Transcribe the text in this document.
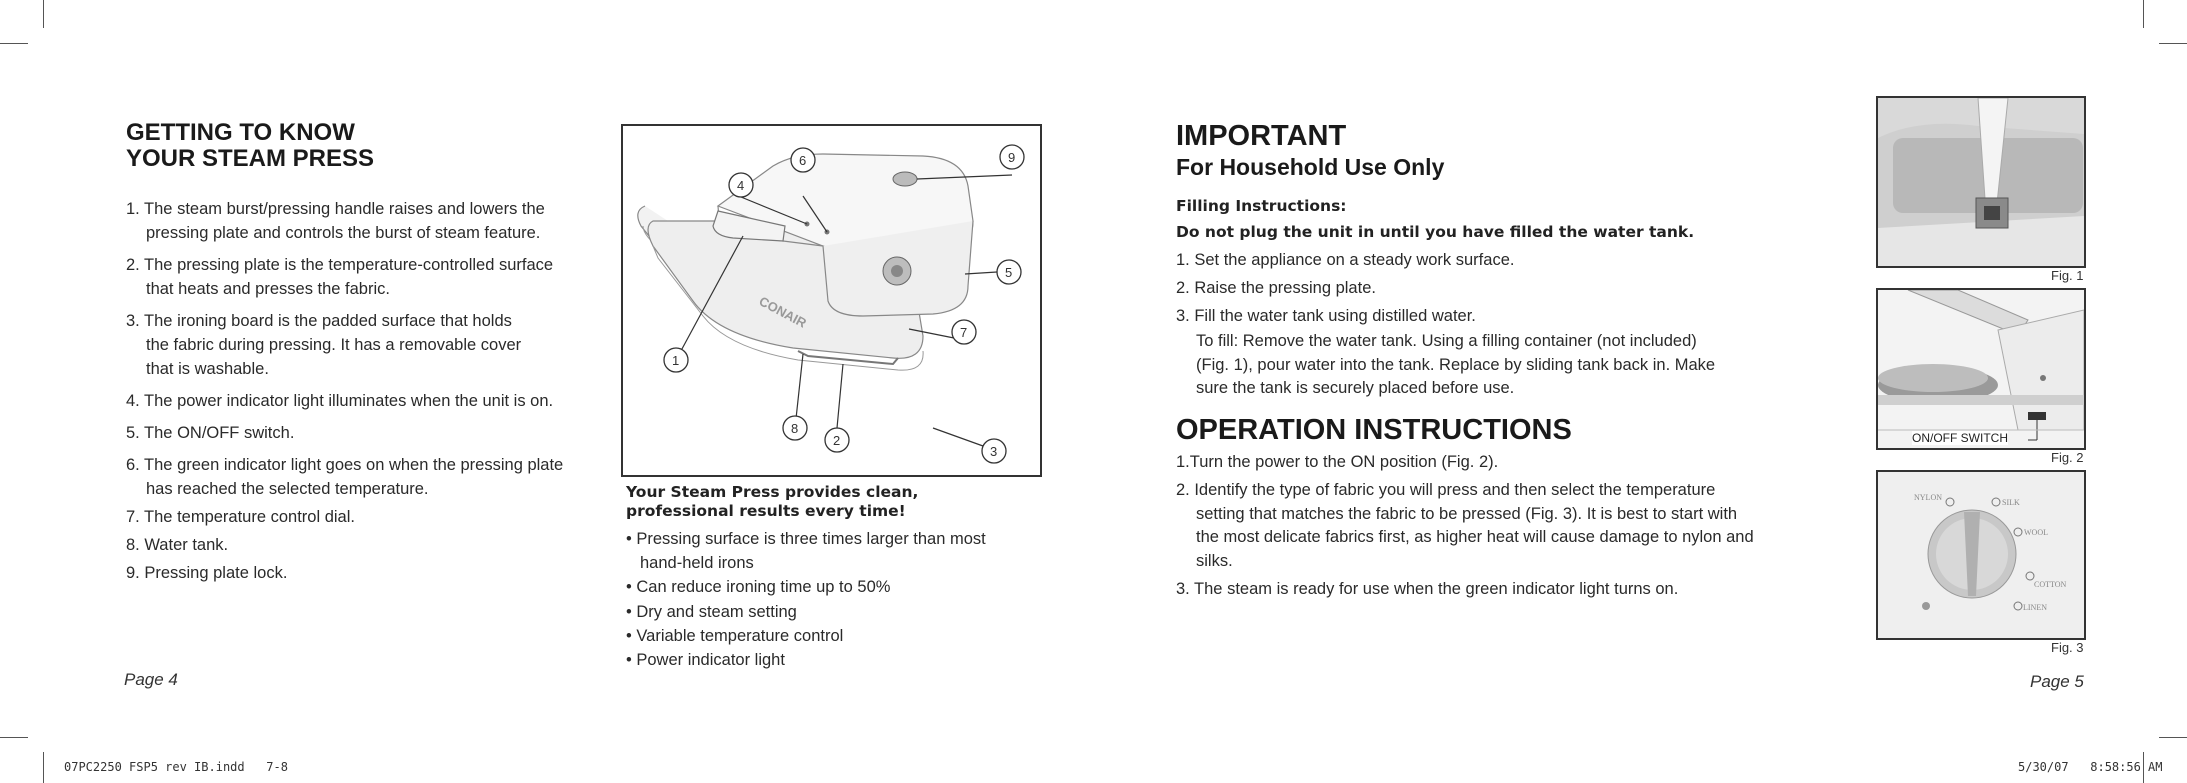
GETTING TO KNOW
YOUR STEAM PRESS
1. The steam burst/pressing handle raises and lowers the
pressing plate and controls the burst of steam feature.
2. The pressing plate is the temperature-controlled surface
that heats and presses the fabric.
3. The ironing board is the padded surface that holds
the fabric during pressing. It has a removable cover
that is washable.
4. The power indicator light illuminates when the unit is on.
5. The ON/OFF switch.
6. The green indicator light goes on when the pressing plate
has reached the selected temperature.
7. The temperature control dial.
8. Water tank.
9. Pressing plate lock.
Page 4
CONAIR
1
2
3
4
5
6
7
8
9
Your Steam Press provides clean,
professional results every time!
• Pressing surface is three times larger than most
hand-held irons
• Can reduce ironing time up to 50%
• Dry and steam setting
• Variable temperature control
• Power indicator light
IMPORTANT
For Household Use Only
Filling Instructions:
Do not plug the unit in until you have filled the water tank.
1. Set the appliance on a steady work surface.
2. Raise the pressing plate.
3. Fill the water tank using distilled water.
To fill: Remove the water tank. Using a filling container (not included)
(Fig. 1), pour water into the tank. Replace by sliding tank back in. Make
sure the tank is securely placed before use.
OPERATION INSTRUCTIONS
1.Turn the power to the ON position (Fig. 2).
2. Identify the type of fabric you will press and then select the temperature
setting that matches the fabric to be pressed (Fig. 3). It is best to start with
the most delicate fabrics first, as higher heat will cause damage to nylon and
silks.
3. The steam is ready for use when the green indicator light turns on.
Page 5
Fig. 1
ON/OFF SWITCH
Fig. 2
NYLON
SILK
WOOL
COTTON
LINEN
Fig. 3
07PC2250 FSP5 rev IB.indd   7-8	5/30/07   8:58:56 AM
